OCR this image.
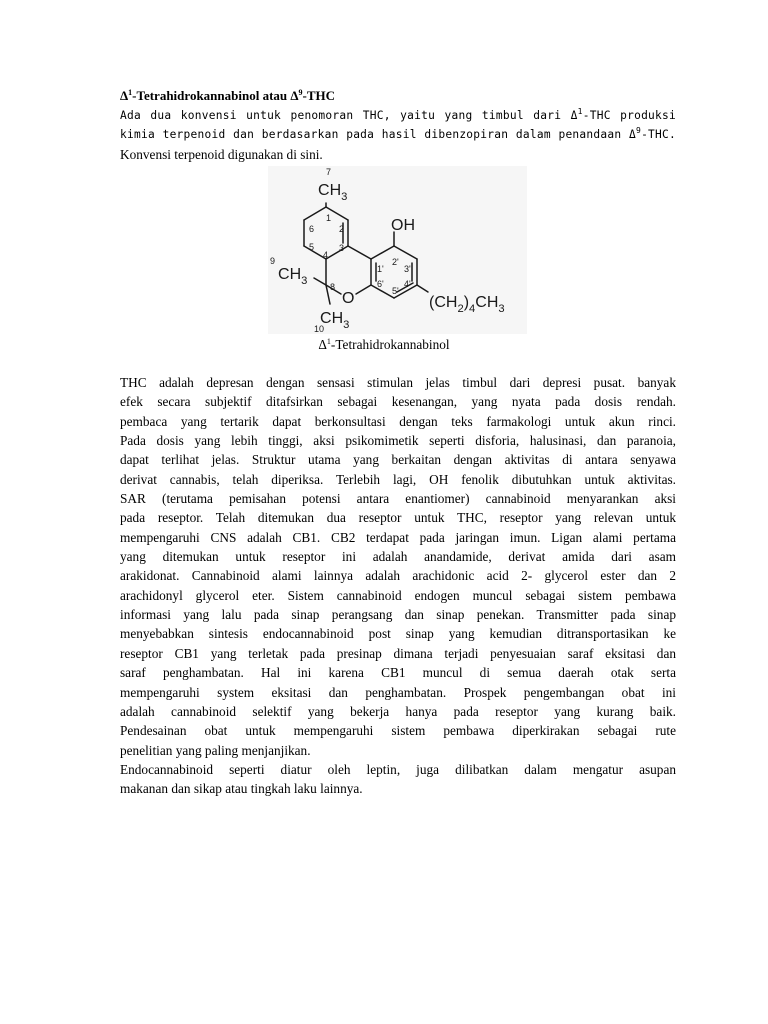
$\Delta^1$-Tetrahidrokannabinol atau $\Delta^9$-THC
Ada dua konvensi untuk penomoran THC, yaitu yang timbul dari $\Delta^1$-THC produksi
kimia terpenoid dan berdasarkan pada hasil dibenzopiran dalam penandaan $\Delta^9$-THC.
Konvensi terpenoid digunakan di sini.
$CH_3$
7
1
2
3
4
5
6
8
9
$CH_3$
$CH_3$
10
O
OH
1'
2'
3'
4'
5'
6'
$(CH_2)_4CH_3$
$\Delta^1$-Tetrahidrokannabinol
THC adalah depresan dengan sensasi stimulan jelas timbul dari depresi pusat. banyak
efek secara subjektif ditafsirkan sebagai kesenangan, yang nyata pada dosis rendah.
pembaca yang tertarik dapat berkonsultasi dengan teks farmakologi untuk akun rinci.
Pada dosis yang lebih tinggi, aksi psikomimetik seperti disforia, halusinasi, dan paranoia,
dapat terlihat jelas. Struktur utama yang berkaitan dengan aktivitas di antara senyawa
derivat cannabis, telah diperiksa. Terlebih lagi, OH fenolik dibutuhkan untuk aktivitas.
SAR (terutama pemisahan potensi antara enantiomer) cannabinoid menyarankan aksi
pada reseptor. Telah ditemukan dua reseptor untuk THC, reseptor yang relevan untuk
mempengaruhi CNS adalah CB1. CB2 terdapat pada jaringan imun. Ligan alami pertama
yang ditemukan untuk reseptor ini adalah anandamide, derivat amida dari asam
arakidonat. Cannabinoid alami lainnya adalah arachidonic acid 2- glycerol ester dan 2
arachidonyl glycerol eter. Sistem cannabinoid endogen muncul sebagai sistem pembawa
informasi yang lalu pada sinap perangsang dan sinap penekan. Transmitter pada sinap
menyebabkan sintesis endocannabinoid post sinap yang kemudian ditransportasikan ke
reseptor CB1 yang terletak pada presinap dimana terjadi penyesuaian saraf eksitasi dan
saraf penghambatan. Hal ini karena CB1 muncul di semua daerah otak serta
mempengaruhi system eksitasi dan penghambatan. Prospek pengembangan obat ini
adalah cannabinoid selektif yang bekerja hanya pada reseptor yang kurang baik.
Pendesainan obat untuk mempengaruhi sistem pembawa diperkirakan sebagai rute
penelitian yang paling menjanjikan.
Endocannabinoid seperti diatur oleh leptin, juga dilibatkan dalam mengatur asupan
makanan dan sikap atau tingkah laku lainnya.
